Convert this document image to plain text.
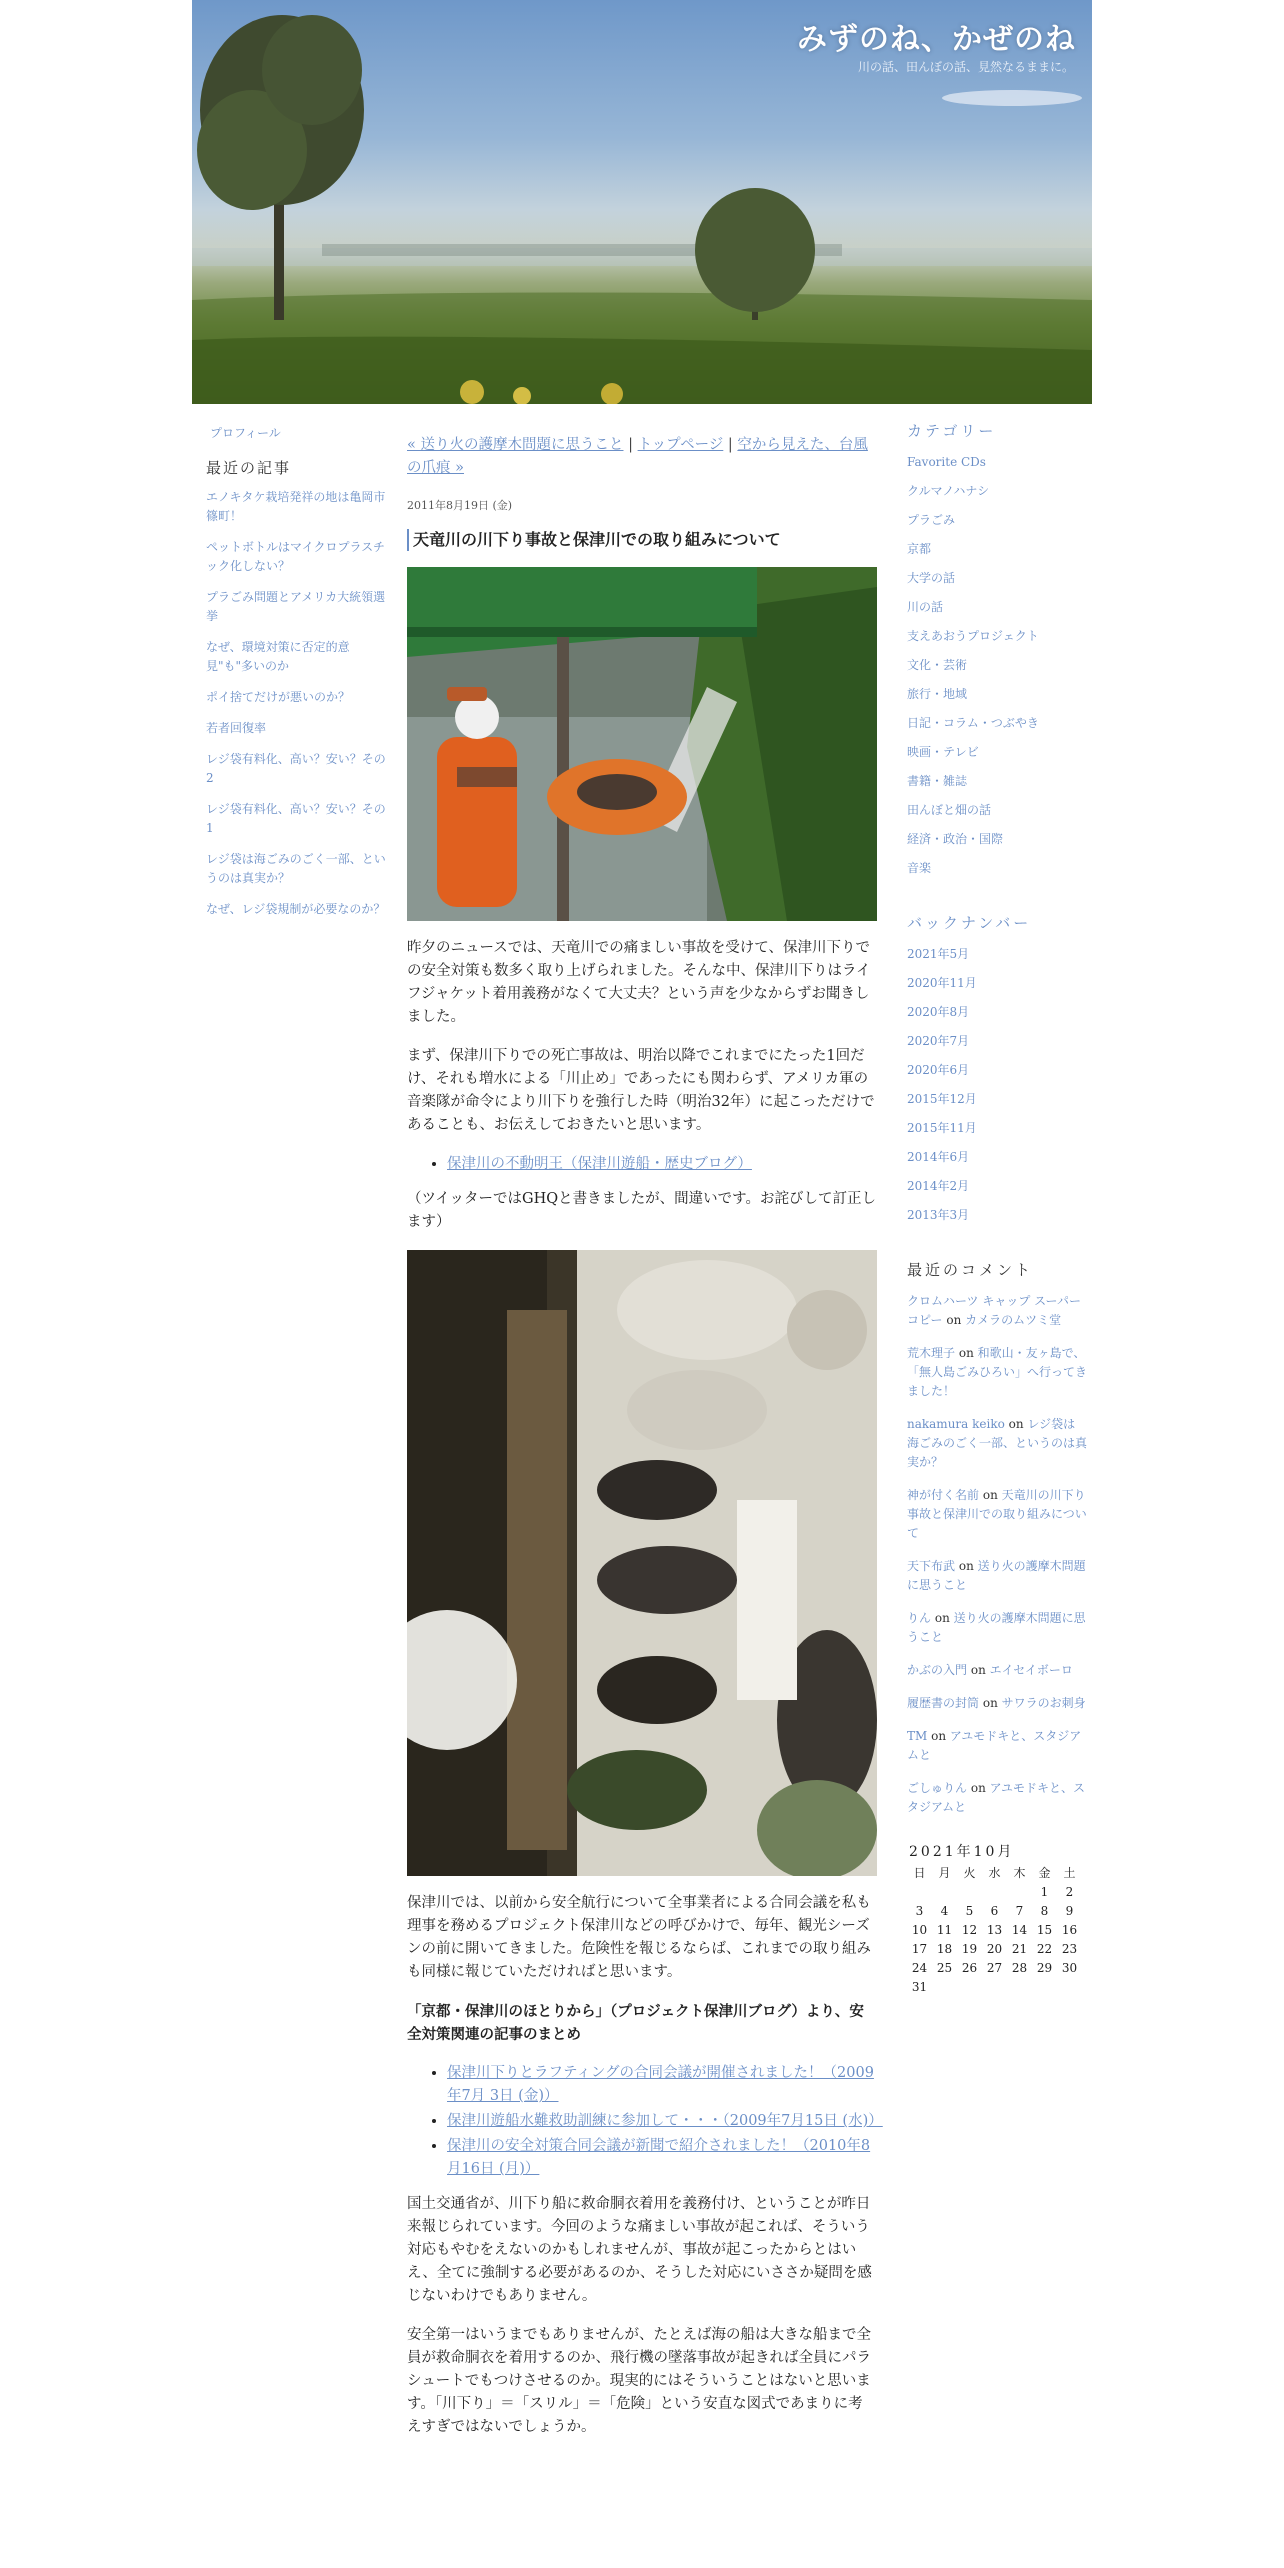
みずのね、かぜのね

川の話、田んぼの話、見然なるままに。

プロフィール
最近の記事
エノキタケ栽培発祥の地は亀岡市篠町！
ペットボトルはマイクロプラスチック化しない？
プラごみ問題とアメリカ大統領選挙
なぜ、環境対策に否定的意見"も"多いのか
ポイ捨てだけが悪いのか？
若者回復率
レジ袋有料化、高い？安い？その2
レジ袋有料化、高い？安い？その1
レジ袋は海ごみのごく一部、というのは真実か？
なぜ、レジ袋規制が必要なのか？

« 送り火の護摩木問題に思うこと | トップページ | 空から見えた、台風の爪痕 »

2011年8月19日 (金)

天竜川の川下り事故と保津川での取り組みについて

昨夕のニュースでは、天竜川での痛ましい事故を受けて、保津川下りでの安全対策も数多く取り上げられました。そんな中、保津川下りはライフジャケット着用義務がなくて大丈夫？という声を少なからずお聞きしました。

まず、保津川下りでの死亡事故は、明治以降でこれまでにたった1回だけ、それも増水による「川止め」であったにも関わらず、アメリカ軍の音楽隊が命令により川下りを強行した時（明治32年）に起こっただけであることも、お伝えしておきたいと思います。

• 保津川の不動明王（保津川遊船・歴史ブログ）

（ツイッターではGHQと書きましたが、間違いです。お詫びして訂正します）

保津川では、以前から安全航行について全事業者による合同会議を私も理事を務めるプロジェクト保津川などの呼びかけで、毎年、観光シーズンの前に開いてきました。危険性を報じるならば、これまでの取り組みも同様に報じていただければと思います。

「京都・保津川のほとりから」（プロジェクト保津川ブログ）より、安全対策関連の記事のまとめ

• 保津川下りとラフティングの合同会議が開催されました！（2009年7月 3日 (金)）
• 保津川遊船水難救助訓練に参加して・・・（2009年7月15日 (水)）
• 保津川の安全対策合同会議が新聞で紹介されました！（2010年8月16日 (月)）

国土交通省が、川下り船に救命胴衣着用を義務付け、ということが昨日来報じられています。今回のような痛ましい事故が起これば、そういう対応もやむをえないのかもしれませんが、事故が起こったからとはいえ、全てに強制する必要があるのか、そうした対応にいささか疑問を感じないわけでもありません。

安全第一はいうまでもありませんが、たとえば海の船は大きな船まで全員が救命胴衣を着用するのか、飛行機の墜落事故が起きれば全員にパラシュートでもつけさせるのか。現実的にはそういうことはないと思います。「川下り」＝「スリル」＝「危険」という安直な図式であまりに考えすぎではないでしょうか。

カテゴリー
Favorite CDs
クルマノハナシ
プラごみ
京都
大学の話
川の話
支えあおうプロジェクト
文化・芸術
旅行・地域
日記・コラム・つぶやき
映画・テレビ
書籍・雑誌
田んぼと畑の話
経済・政治・国際
音楽
バックナンバー
2021年5月
2020年11月
2020年8月
2020年7月
2020年6月
2015年12月
2015年11月
2014年6月
2014年2月
2013年3月
最近のコメント
クロムハーツ キャップ スーパーコピー on カメラのムツミ堂
荒木理子 on 和歌山・友ヶ島で、「無人島ごみひろい」へ行ってきました！
nakamura keiko on レジ袋は海ごみのごく一部、というのは真実か？
神が付く名前 on 天竜川の川下り事故と保津川での取り組みについて
天下布武 on 送り火の護摩木問題に思うこと
りん on 送り火の護摩木問題に思うこと
かぶの入門 on エイセイボーロ
履歴書の封筒 on サワラのお刺身
TM on アユモドキと、スタジアムと
ごしゅりん on アユモドキと、スタジアムと
2021年10月
日	月	火	水	木	金	土
					1	2
3	4	5	6	7	8	9
10	11	12	13	14	15	16
17	18	19	20	21	22	23
24	25	26	27	28	29	30
31						
